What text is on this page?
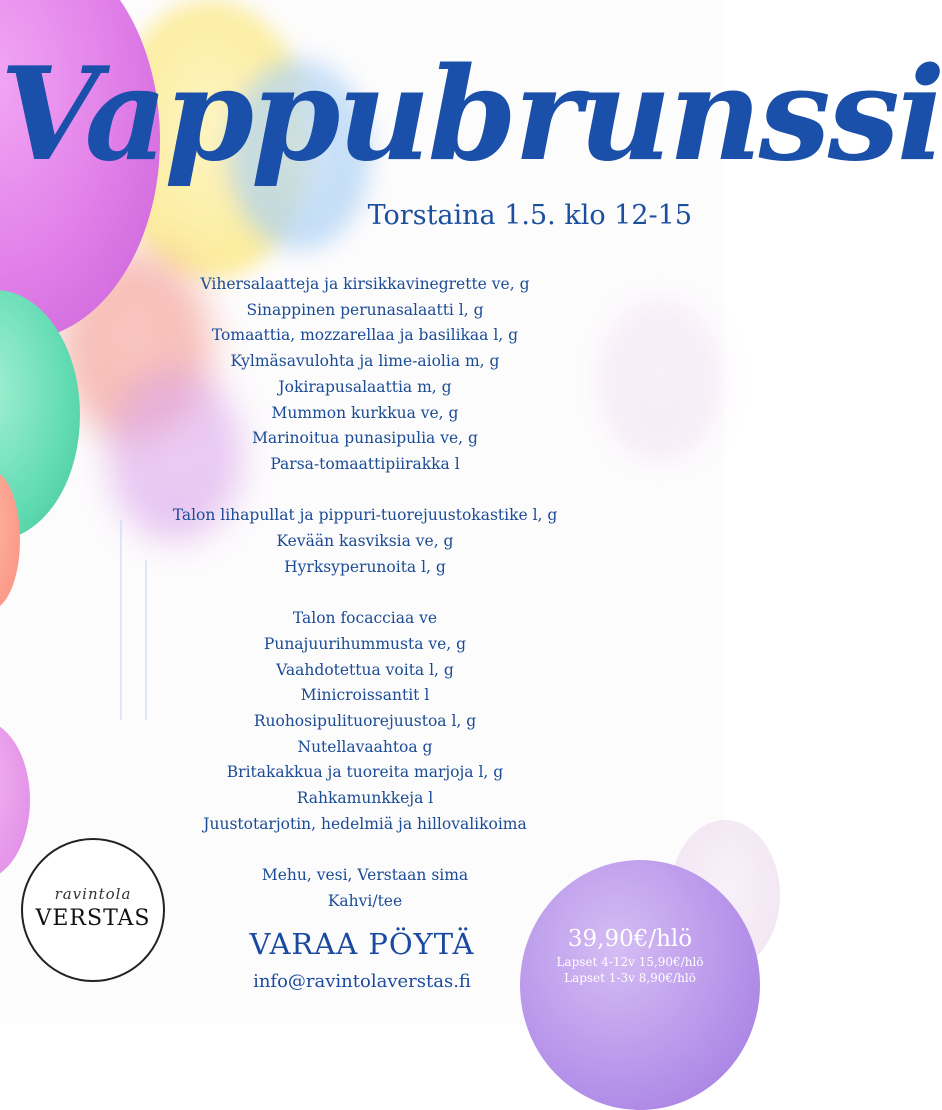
Vappubrunssi

Torstaina 1.5. klo 12-15

Vihersalaatteja ja kirsikkavinegrette ve, g
Sinappinen perunasalaatti l, g
Tomaattia, mozzarellaa ja basilikaa l, g
Kylmäsavulohta ja lime-aiolia m, g
Jokirapusalaattia m, g
Mummon kurkkua ve, g
Marinoitua punasipulia ve, g
Parsa-tomaattipiirakka l
Talon lihapullat ja pippuri-tuorejuustokastike l, g
Kevään kasviksia ve, g
Hyrksyperunoita l, g
Talon focacciaa ve
Punajuurihummusta ve, g
Vaahdotettua voita l, g
Minicroissantit l
Ruohosipulituorejuustoa l, g
Nutellavaahtoa g
Britakakkua ja tuoreita marjoja l, g
Rahkamunkkeja l
Juustotarjotin, hedelmiä ja hillovalikoima
Mehu, vesi, Verstaan sima
Kahvi/tee
ravintola
VERSTAS

VARAA PÖYTÄ

info@ravintolaverstas.fi

39,90€/hlö

Lapset 4-12v 15,90€/hlö

Lapset 1-3v 8,90€/hlö
